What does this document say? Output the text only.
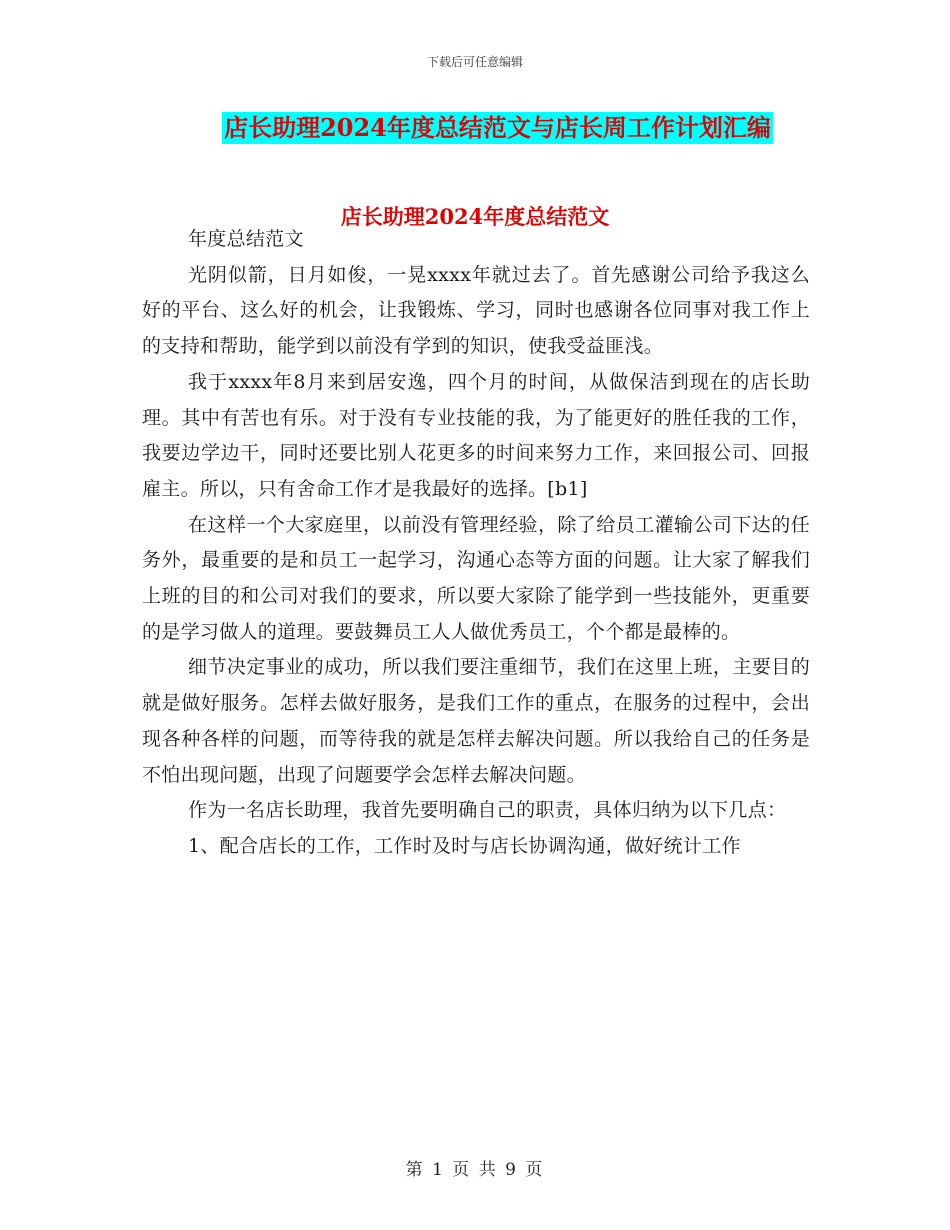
下载后可任意编辑
店长助理2024年度总结范文与店长周工作计划汇编
店长助理2024年度总结范文

年度总结范文

光阴似箭，日月如俊，一晃xxxx年就过去了。首先感谢公司给予我这么好的平台、这么好的机会，让我锻炼、学习，同时也感谢各位同事对我工作上的支持和帮助，能学到以前没有学到的知识，使我受益匪浅。

我于xxxx年8月来到居安逸，四个月的时间，从做保洁到现在的店长助理。其中有苦也有乐。对于没有专业技能的我，为了能更好的胜任我的工作，我要边学边干，同时还要比别人花更多的时间来努力工作，来回报公司、回报雇主。所以，只有舍命工作才是我最好的选择。[b1]

在这样一个大家庭里，以前没有管理经验，除了给员工灌输公司下达的任务外，最重要的是和员工一起学习，沟通心态等方面的问题。让大家了解我们上班的目的和公司对我们的要求，所以要大家除了能学到一些技能外，更重要的是学习做人的道理。要鼓舞员工人人做优秀员工，个个都是最棒的。

细节决定事业的成功，所以我们要注重细节，我们在这里上班，主要目的就是做好服务。怎样去做好服务，是我们工作的重点，在服务的过程中，会出现各种各样的问题，而等待我的就是怎样去解决问题。所以我给自己的任务是不怕出现问题，出现了问题要学会怎样去解决问题。

作为一名店长助理，我首先要明确自己的职责，具体归纳为以下几点：

1、配合店长的工作，工作时及时与店长协调沟通，做好统计工作

第 1 页 共 9 页
